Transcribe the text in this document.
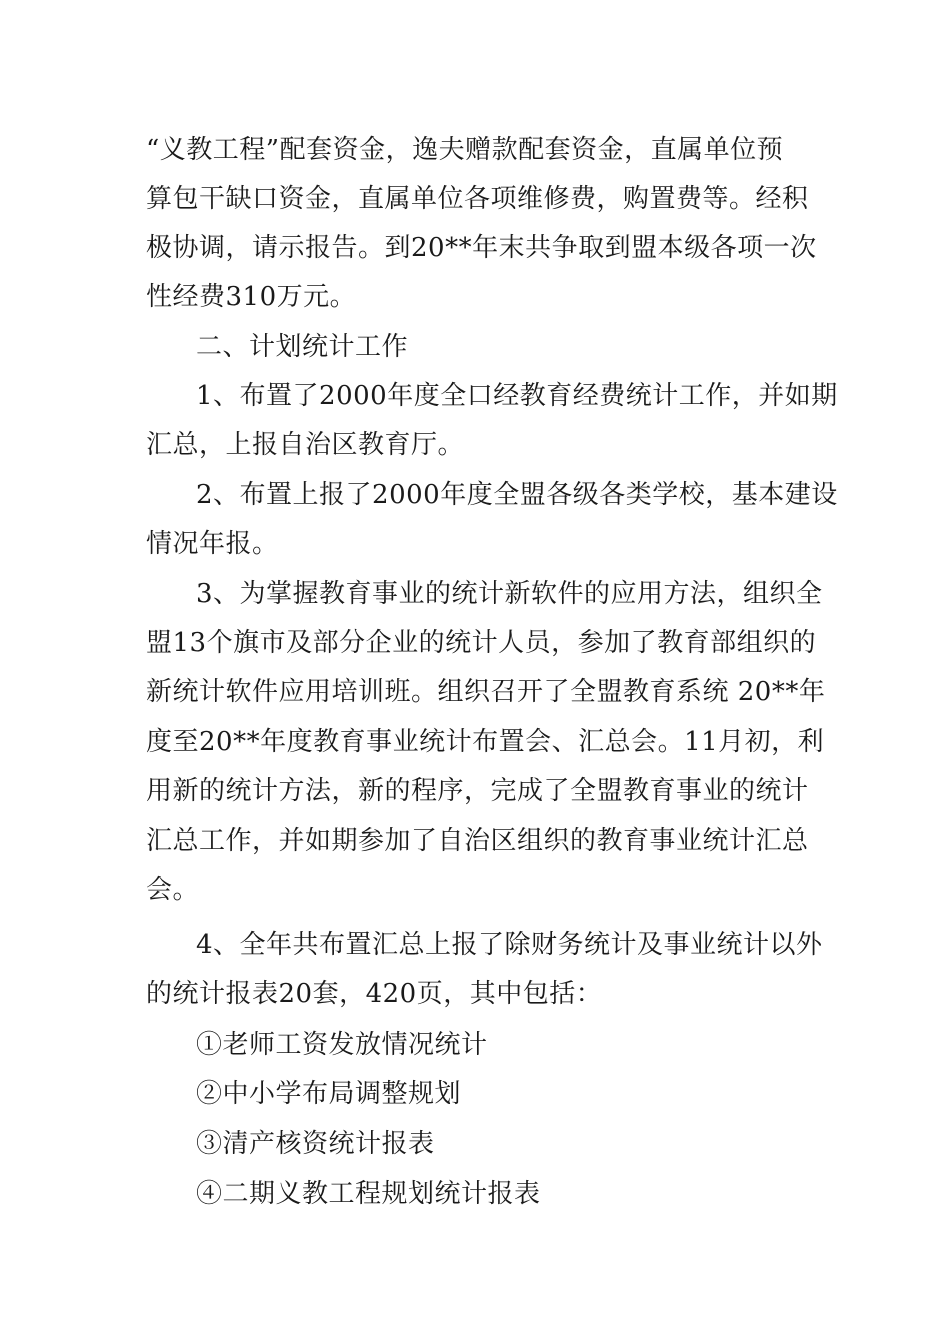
“义教工程”配套资金，逸夫赠款配套资金，直属单位预
算包干缺口资金，直属单位各项维修费，购置费等。经积
极协调，请示报告。到20**年末共争取到盟本级各项一次
性经费310万元。
二、计划统计工作
1、布置了2000年度全口经教育经费统计工作，并如期
汇总，上报自治区教育厅。
2、布置上报了2000年度全盟各级各类学校，基本建设
情况年报。
3、为掌握教育事业的统计新软件的应用方法，组织全
盟13个旗市及部分企业的统计人员，参加了教育部组织的
新统计软件应用培训班。组织召开了全盟教育系统 20**年
度至20**年度教育事业统计布置会、汇总会。11月初，利
用新的统计方法，新的程序，完成了全盟教育事业的统计
汇总工作，并如期参加了自治区组织的教育事业统计汇总
会。
4、全年共布置汇总上报了除财务统计及事业统计以外
的统计报表20套，420页，其中包括：
①老师工资发放情况统计
②中小学布局调整规划
③清产核资统计报表
④二期义教工程规划统计报表
